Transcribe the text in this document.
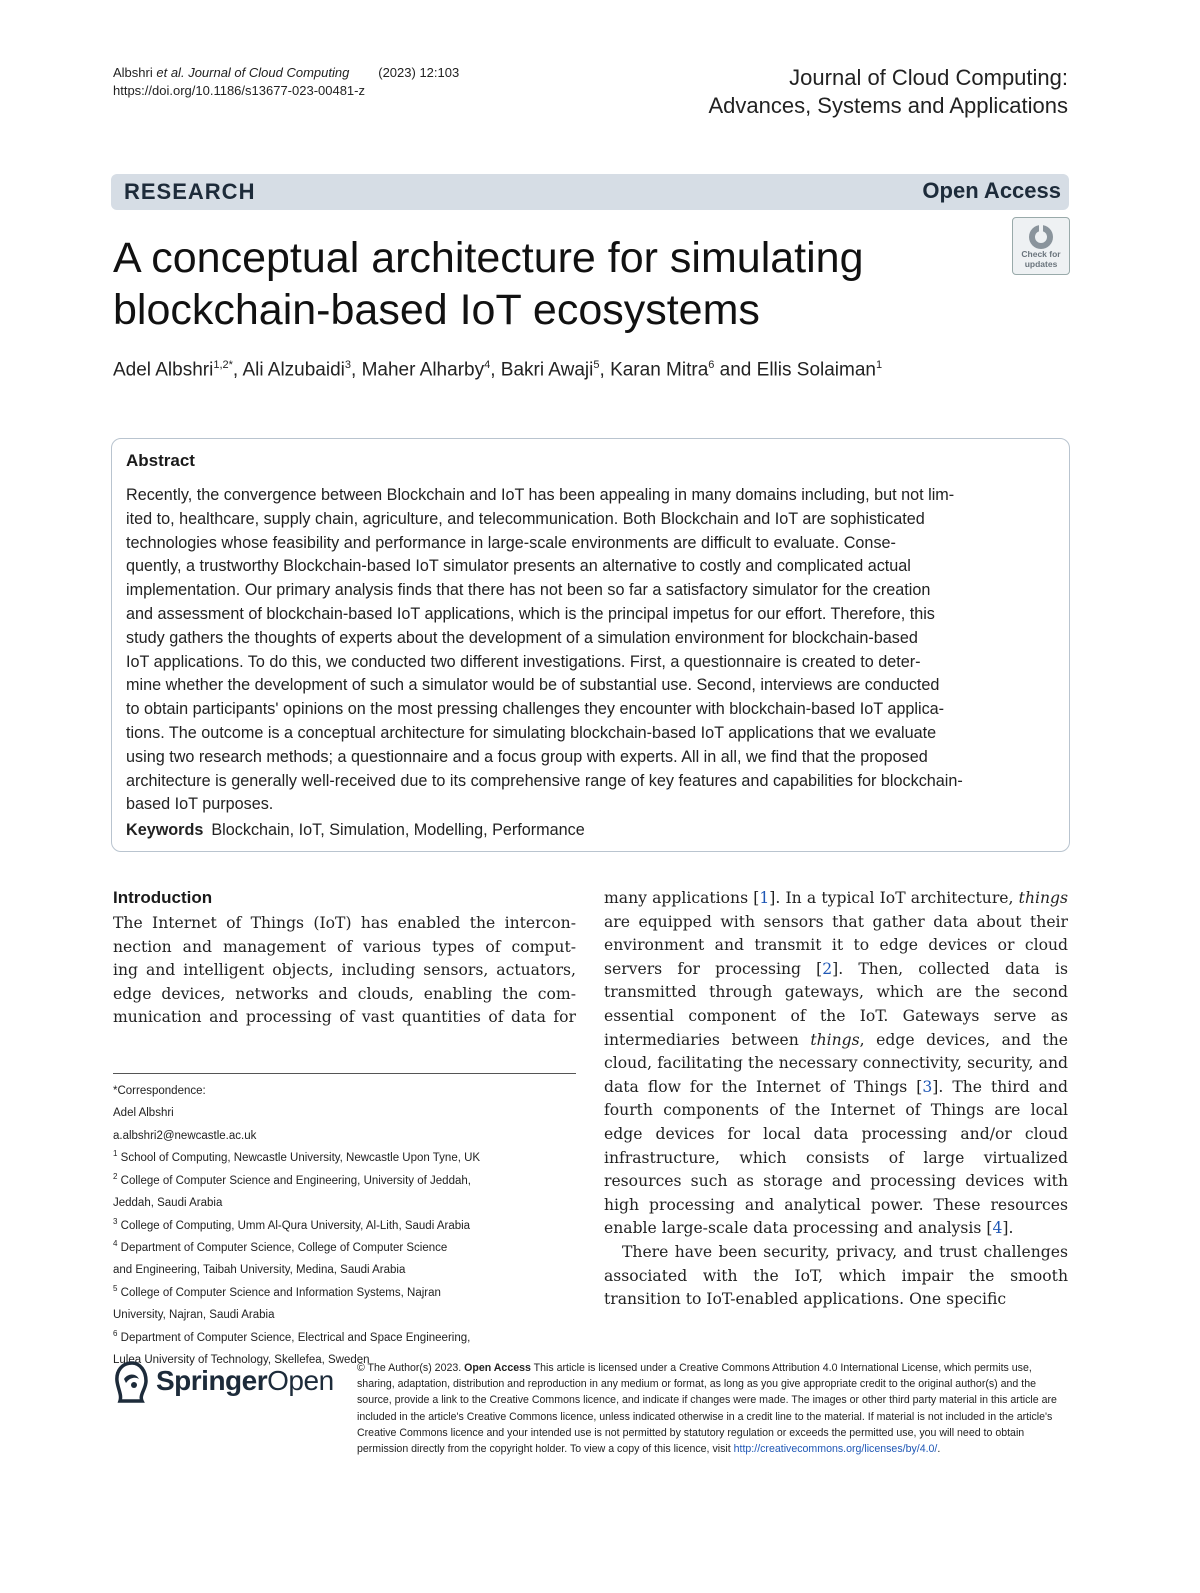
Albshri et al. Journal of Cloud Computing (2023) 12:103
https://doi.org/10.1186/s13677-023-00481-z
Journal of Cloud Computing:
Advances, Systems and Applications
RESEARCH	Open Access
A conceptual architecture for simulating
blockchain-based IoT ecosystems
Check for
updates
Adel Albshri$^{1,2*}$, Ali Alzubaidi$^3$, Maher Alharby$^4$, Bakri Awaji$^5$, Karan Mitra$^6$ and Ellis Solaiman$^1$
Abstract
Recently, the convergence between Blockchain and IoT has been appealing in many domains including, but not lim-
ited to, healthcare, supply chain, agriculture, and telecommunication. Both Blockchain and IoT are sophisticated
technologies whose feasibility and performance in large-scale environments are difficult to evaluate. Conse-
quently, a trustworthy Blockchain-based IoT simulator presents an alternative to costly and complicated actual
implementation. Our primary analysis finds that there has not been so far a satisfactory simulator for the creation
and assessment of blockchain-based IoT applications, which is the principal impetus for our effort. Therefore, this
study gathers the thoughts of experts about the development of a simulation environment for blockchain-based
IoT applications. To do this, we conducted two different investigations. First, a questionnaire is created to deter-
mine whether the development of such a simulator would be of substantial use. Second, interviews are conducted
to obtain participants' opinions on the most pressing challenges they encounter with blockchain-based IoT applica-
tions. The outcome is a conceptual architecture for simulating blockchain-based IoT applications that we evaluate
using two research methods; a questionnaire and a focus group with experts. All in all, we find that the proposed
architecture is generally well-received due to its comprehensive range of key features and capabilities for blockchain-
based IoT purposes.
Keywords Blockchain, IoT, Simulation, Modelling, Performance
Introduction
The Internet of Things (IoT) has enabled the intercon-
nection and management of various types of comput-
ing and intelligent objects, including sensors, actuators,
edge devices, networks and clouds, enabling the com-
munication and processing of vast quantities of data for

many applications [1]. In a typical IoT architecture, things are equipped with sensors that gather data about their environment and transmit it to edge devices or cloud servers for processing [2]. Then, collected data is transmitted through gateways, which are the second essential component of the IoT. Gateways serve as intermediaries between things, edge devices, and the cloud, facilitating the necessary connectivity, security, and data flow for the Internet of Things [3]. The third and fourth components of the Internet of Things are local edge devices for local data processing and/or cloud infrastructure, which consists of large virtualized resources such as storage and processing devices with high processing and analytical power. These resources enable large-scale data processing and analysis [4].

There have been security, privacy, and trust challenges associated with the IoT, which impair the smooth transition to IoT-enabled applications. One specific

*Correspondence:
Adel Albshri
a.albshri2@newcastle.ac.uk
$^1$ School of Computing, Newcastle University, Newcastle Upon Tyne, UK
$^2$ College of Computer Science and Engineering, University of Jeddah,
Jeddah, Saudi Arabia
$^3$ College of Computing, Umm Al-Qura University, Al-Lith, Saudi Arabia
$^4$ Department of Computer Science, College of Computer Science
and Engineering, Taibah University, Medina, Saudi Arabia
$^5$ College of Computer Science and Information Systems, Najran
University, Najran, Saudi Arabia
$^6$ Department of Computer Science, Electrical and Space Engineering,
Lulea University of Technology, Skellefea, Sweden
SpringerOpen © The Author(s) 2023. Open Access This article is licensed under a Creative Commons Attribution 4.0 International License, which permits use, sharing, adaptation, distribution and reproduction in any medium or format, as long as you give appropriate credit to the original author(s) and the source, provide a link to the Creative Commons licence, and indicate if changes were made. The images or other third party material in this article are included in the article's Creative Commons licence, unless indicated otherwise in a credit line to the material. If material is not included in the article's Creative Commons licence and your intended use is not permitted by statutory regulation or exceeds the permitted use, you will need to obtain permission directly from the copyright holder. To view a copy of this licence, visit http://creativecommons.org/licenses/by/4.0/.
